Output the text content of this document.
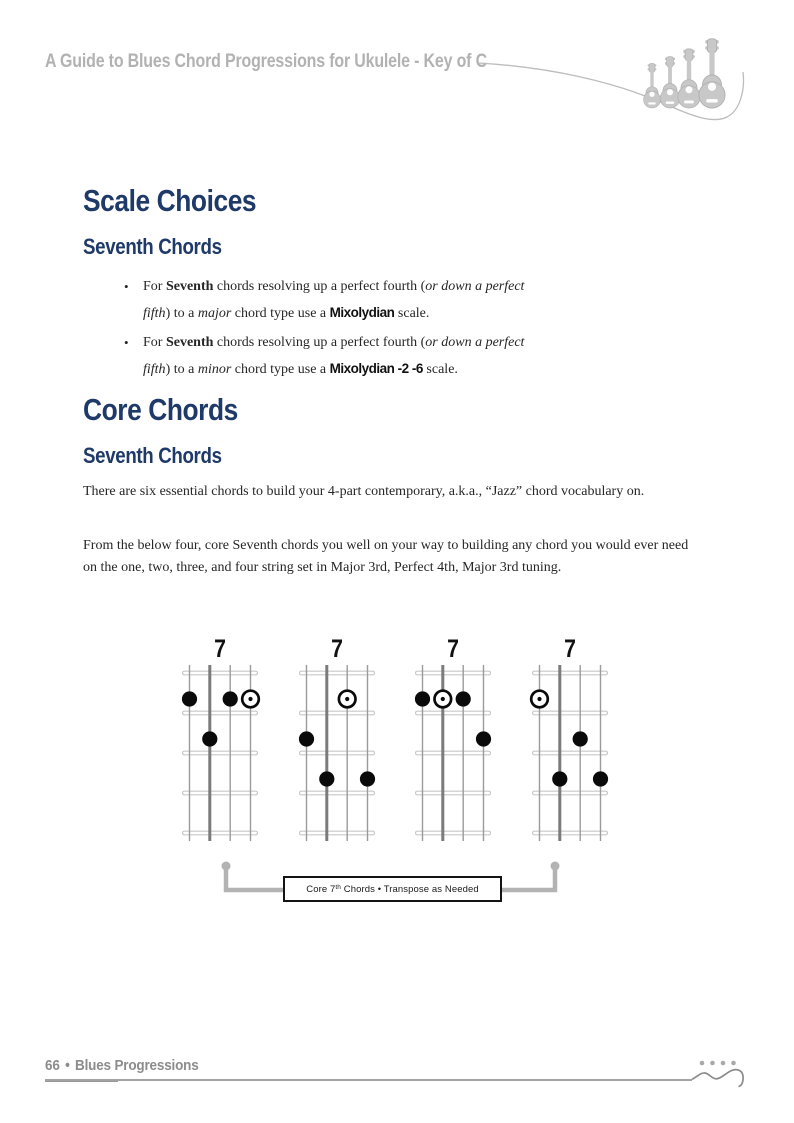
A Guide to Blues Chord Progressions for Ukulele - Key of C
Scale Choices
Seventh Chords
•	For Seventh chords resolving up a perfect fourth (or down a perfect
fifth) to a major chord type use a Mixolydian scale.
•	For Seventh chords resolving up a perfect fourth (or down a perfect
fifth) to a minor chord type use a Mixolydian -2 -6 scale.
Core Chords
Seventh Chords

There are six essential chords to build your 4-part contemporary, a.k.a., “Jazz” chord vocabulary on.

From the below four, core Seventh chords you well on your way to building any chord you would ever need on the one, two, three, and four string set in Major 3rd, Perfect 4th, Major 3rd tuning.

7	7	7	7
Core 7th Chords • Transpose as Needed
66 • Blues Progressions
